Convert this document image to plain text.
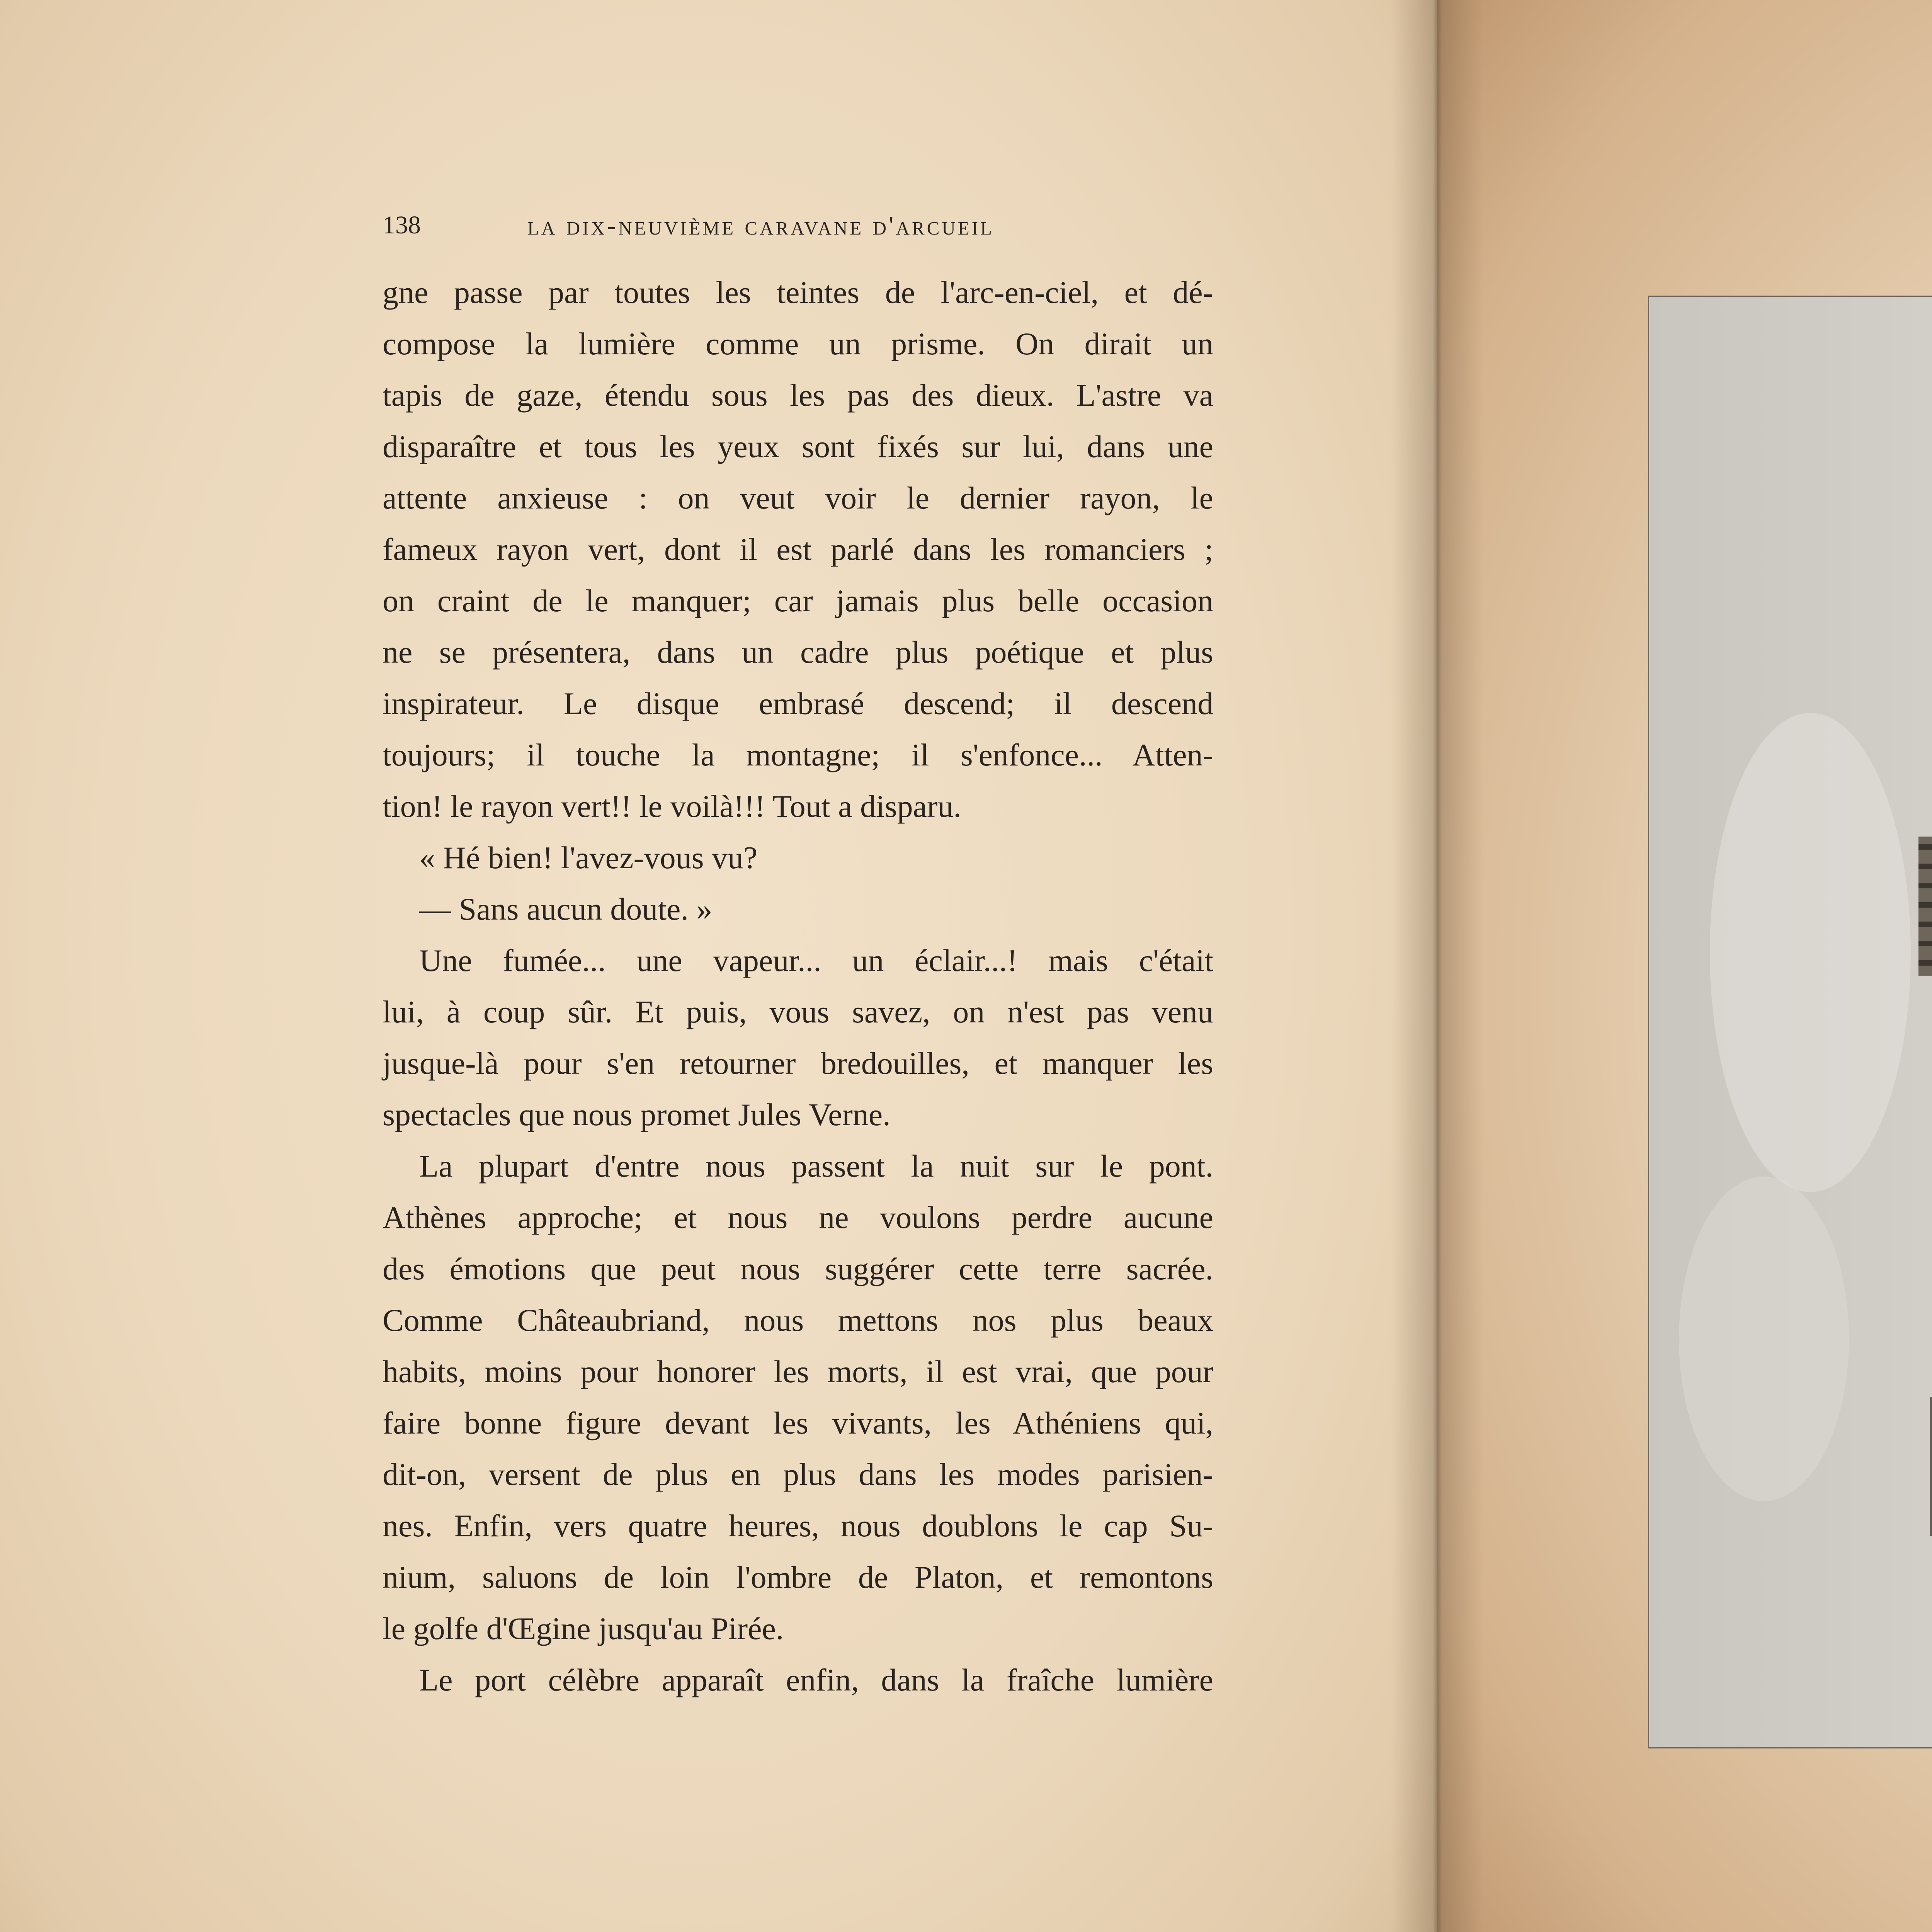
138	la dix-neuvième caravane d'arcueil
gne passe par toutes les teintes de l'arc-en-ciel, et dé-
compose la lumière comme un prisme. On dirait un
tapis de gaze, étendu sous les pas des dieux. L'astre va
disparaître et tous les yeux sont fixés sur lui, dans une
attente anxieuse : on veut voir le dernier rayon, le
fameux rayon vert, dont il est parlé dans les romanciers ;
on craint de le manquer; car jamais plus belle occasion
ne se présentera, dans un cadre plus poétique et plus
inspirateur. Le disque embrasé descend; il descend
toujours; il touche la montagne; il s'enfonce... Atten-
tion! le rayon vert!! le voilà!!! Tout a disparu.
« Hé bien! l'avez-vous vu?
— Sans aucun doute. »
Une fumée... une vapeur... un éclair...! mais c'était
lui, à coup sûr. Et puis, vous savez, on n'est pas venu
jusque-là pour s'en retourner bredouilles, et manquer les
spectacles que nous promet Jules Verne.
La plupart d'entre nous passent la nuit sur le pont.
Athènes approche; et nous ne voulons perdre aucune
des émotions que peut nous suggérer cette terre sacrée.
Comme Châteaubriand, nous mettons nos plus beaux
habits, moins pour honorer les morts, il est vrai, que pour
faire bonne figure devant les vivants, les Athéniens qui,
dit-on, versent de plus en plus dans les modes parisien-
nes. Enfin, vers quatre heures, nous doublons le cap Su-
nium, saluons de loin l'ombre de Platon, et remontons
le golfe d'Œgine jusqu'au Pirée.
Le port célèbre apparaît enfin, dans la fraîche lumière
